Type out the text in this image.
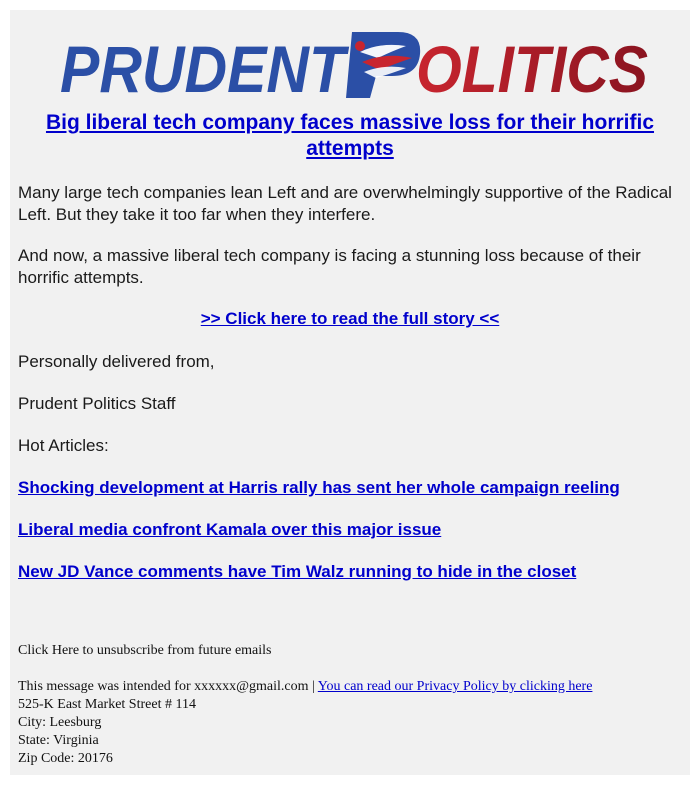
PRUDENT OLITICS
Big liberal tech company faces massive loss for their horrific attempts
Many large tech companies lean Left and are overwhelmingly supportive of the Radical Left. But they take it too far when they interfere.
And now, a massive liberal tech company is facing a stunning loss because of their horrific attempts.
>> Click here to read the full story <<
Personally delivered from,
Prudent Politics Staff
Hot Articles:
Shocking development at Harris rally has sent her whole campaign reeling
Liberal media confront Kamala over this major issue
New JD Vance comments have Tim Walz running to hide in the closet
Click Here to unsubscribe from future emails
This message was intended for xxxxxx@gmail.com | You can read our Privacy Policy by clicking here
525-K East Market Street # 114
City: Leesburg
State: Virginia
Zip Code: 20176
